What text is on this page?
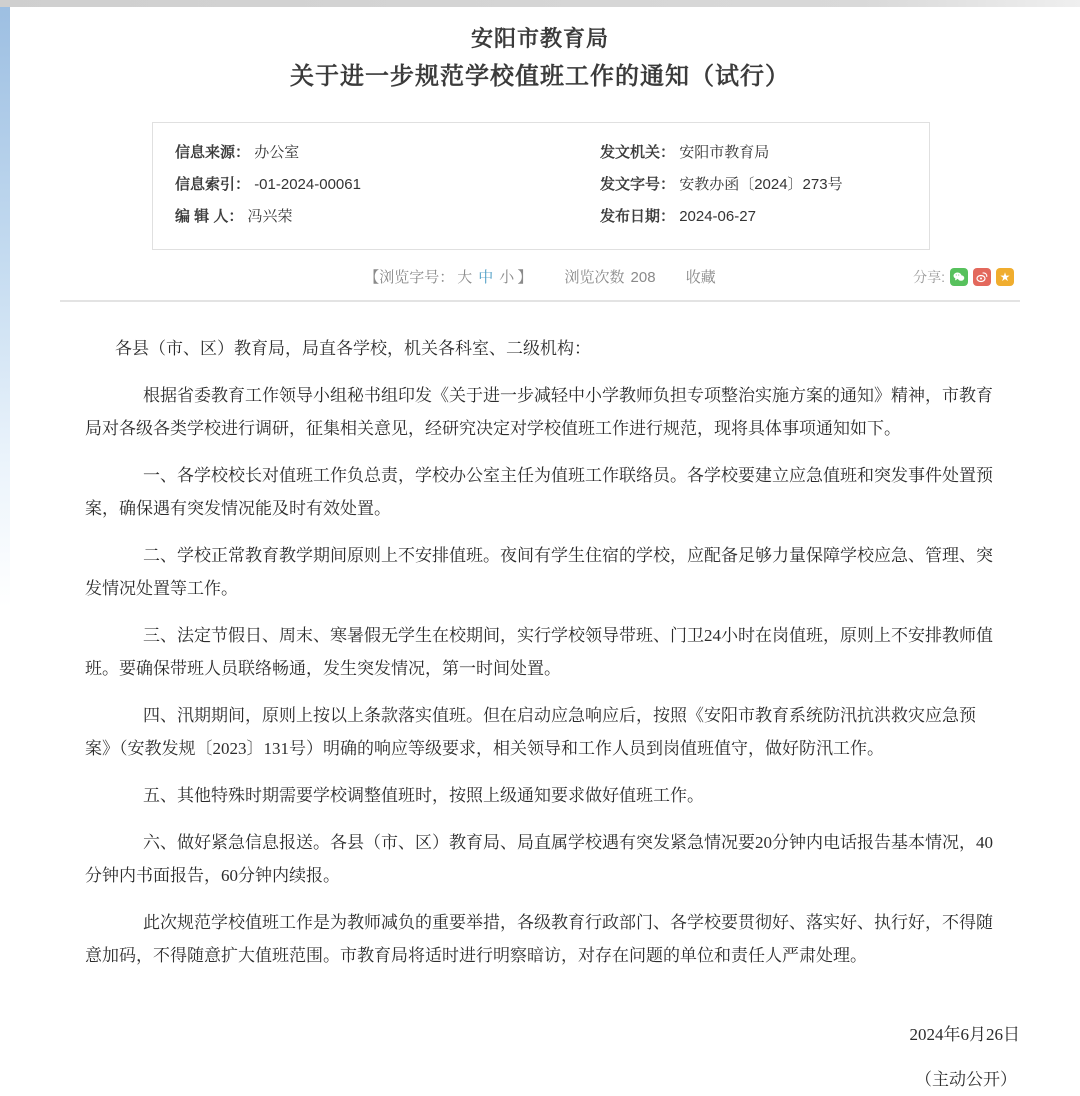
安阳市教育局
关于进一步规范学校值班工作的通知（试行）
信息来源： 办公室
信息索引： -01-2024-00061
编 辑 人： 冯兴荣
发文机关： 安阳市教育局
发文字号： 安教办函〔2024〕273号
发布日期： 2024-06-27
【浏览字号： 大 中 小 】 浏览次数 208 收藏	分享:	★

各县（市、区）教育局，局直各学校，机关各科室、二级机构：

根据省委教育工作领导小组秘书组印发《关于进一步减轻中小学教师负担专项整治实施方案的通知》精神，市教育局对各级各类学校进行调研，征集相关意见，经研究决定对学校值班工作进行规范，现将具体事项通知如下。

一、各学校校长对值班工作负总责，学校办公室主任为值班工作联络员。各学校要建立应急值班和突发事件处置预案，确保遇有突发情况能及时有效处置。

二、学校正常教育教学期间原则上不安排值班。夜间有学生住宿的学校，应配备足够力量保障学校应急、管理、突发情况处置等工作。

三、法定节假日、周末、寒暑假无学生在校期间，实行学校领导带班、门卫24小时在岗值班，原则上不安排教师值班。要确保带班人员联络畅通，发生突发情况，第一时间处置。

四、汛期期间，原则上按以上条款落实值班。但在启动应急响应后，按照《安阳市教育系统防汛抗洪救灾应急预案》（安教发规〔2023〕131号）明确的响应等级要求，相关领导和工作人员到岗值班值守，做好防汛工作。

五、其他特殊时期需要学校调整值班时，按照上级通知要求做好值班工作。

六、做好紧急信息报送。各县（市、区）教育局、局直属学校遇有突发紧急情况要20分钟内电话报告基本情况，40分钟内书面报告，60分钟内续报。

此次规范学校值班工作是为教师减负的重要举措，各级教育行政部门、各学校要贯彻好、落实好、执行好，不得随意加码，不得随意扩大值班范围。市教育局将适时进行明察暗访，对存在问题的单位和责任人严肃处理。

2024年6月26日
（主动公开）
